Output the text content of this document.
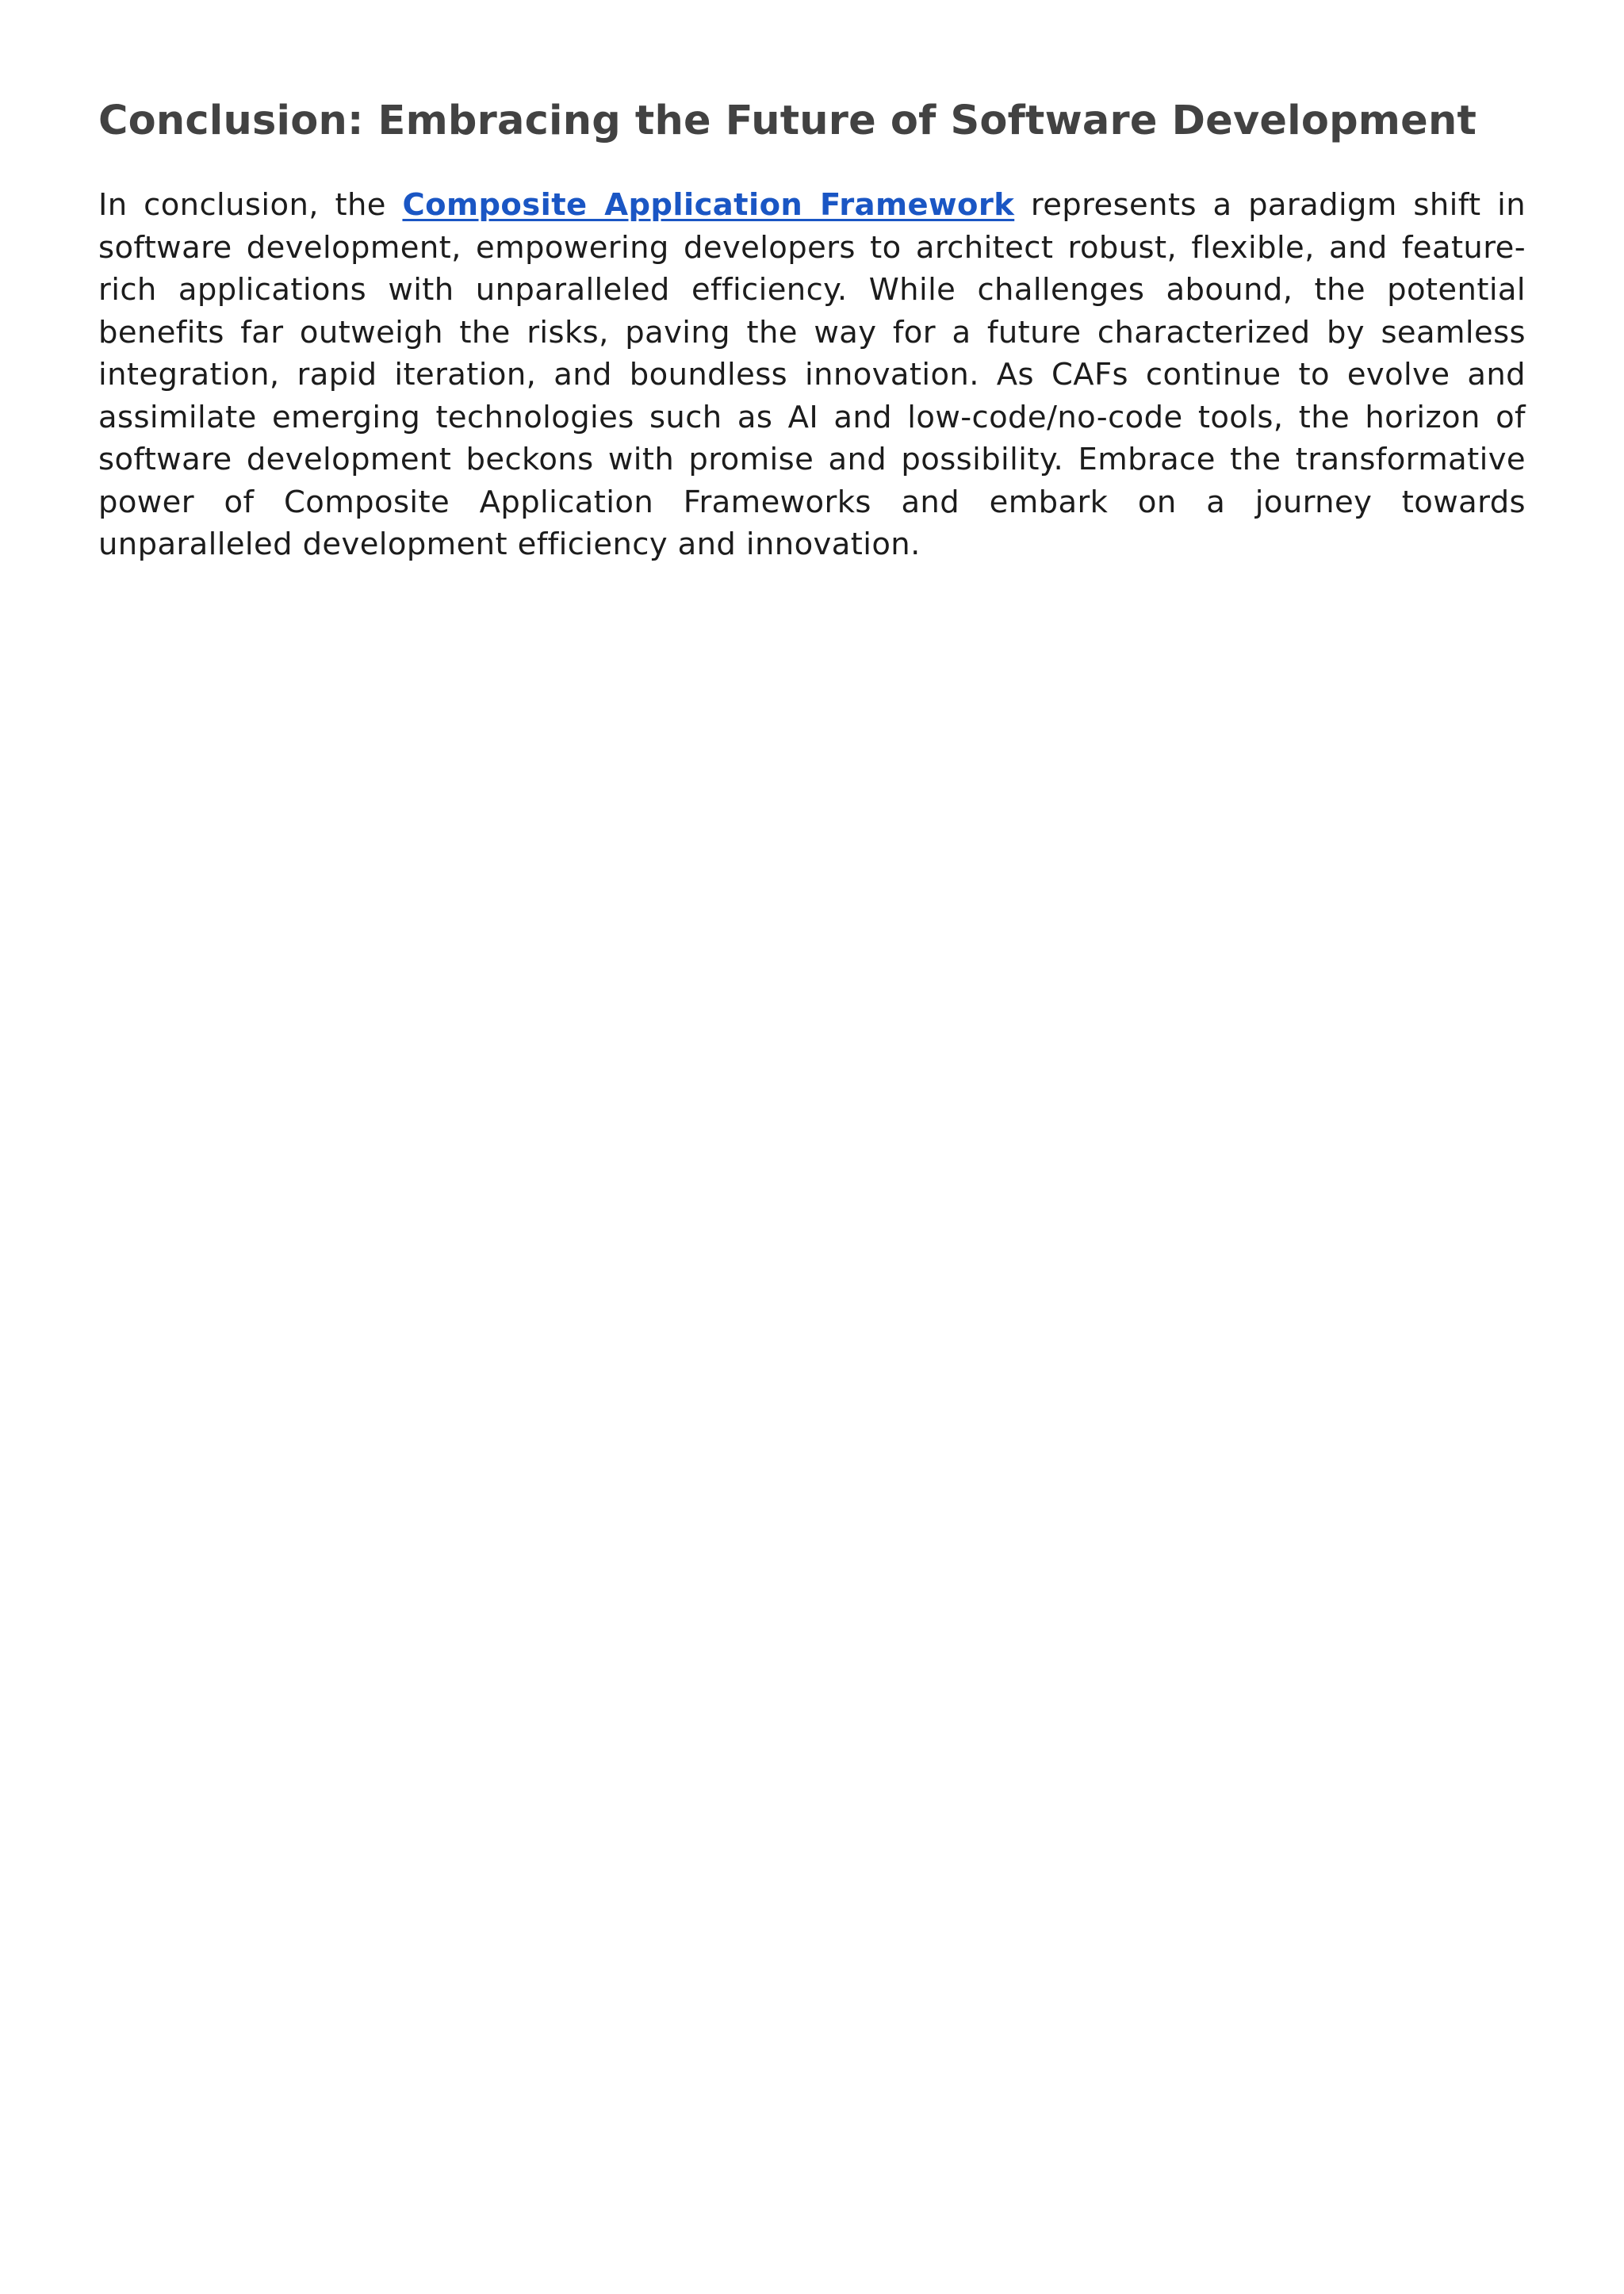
Conclusion: Embracing the Future of Software Development

In conclusion, the Composite Application Framework represents a paradigm shift in software development, empowering developers to architect robust, flexible, and feature-rich applications with unparalleled efficiency. While challenges abound, the potential benefits far outweigh the risks, paving the way for a future characterized by seamless integration, rapid iteration, and boundless innovation. As CAFs continue to evolve and assimilate emerging technologies such as AI and low-code/no-code tools, the horizon of software development beckons with promise and possibility. Embrace the transformative power of Composite Application Frameworks and embark on a journey towards unparalleled development efficiency and innovation.
